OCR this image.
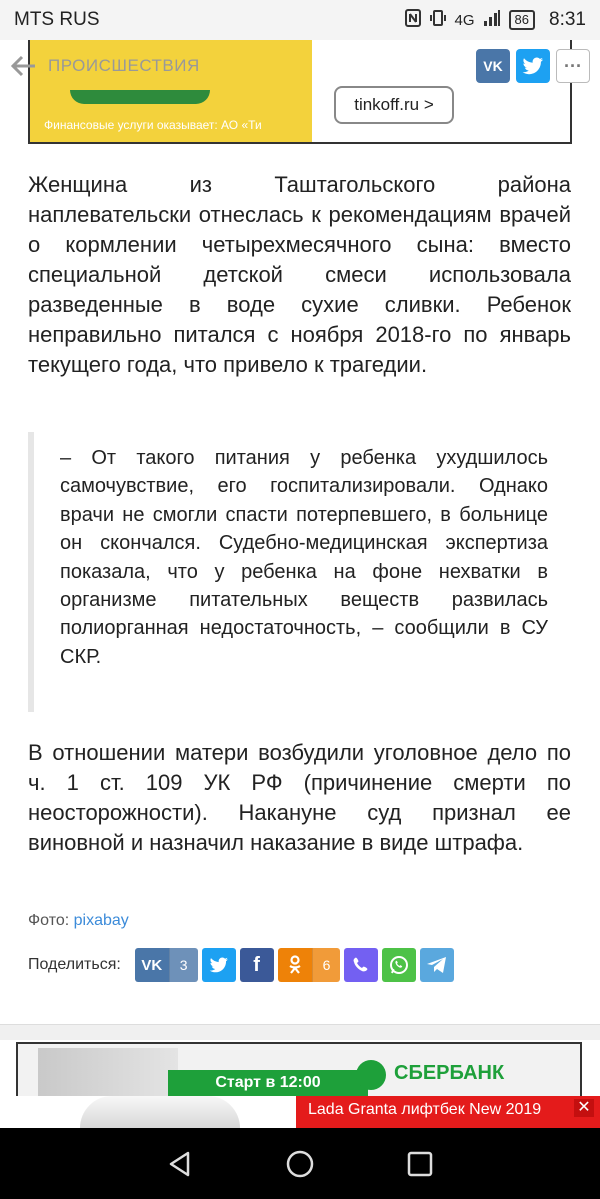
MTS RUS	4G	86	8:31
Финансовые услуги оказывает: АО «Ти
tinkoff.ru >
ПРОИСШЕСТВИЯ	VK	···

Женщина из Таштагольского района наплевательски отнеслась к рекомендациям врачей о кормлении четырехмесячного сына: вместо специальной детской смеси использовала разведенные в воде сухие сливки. Ребенок неправильно питался с ноября 2018-го по январь текущего года, что привело к трагедии.

– От такого питания у ребенка ухудшилось самочувствие, его госпитализировали. Однако врачи не смогли спасти потерпевшего, в больнице он скончался. Судебно-медицинская экспертиза показала, что у ребенка на фоне нехватки в организме питательных веществ развилась полиорганная недостаточность, – сообщили в СУ СКР.

В отношении матери возбудили уголовное дело по ч. 1 ст. 109 УК РФ (причинение смерти по неосторожности). Накануне суд признал ее виновной и назначил наказание в виде штрафа.

Фото: pixabay
Поделиться:	VK	3	f	6
Старт в 12:00	СБЕРБАНК
Lada Granta лифтбек New 2019	✕
